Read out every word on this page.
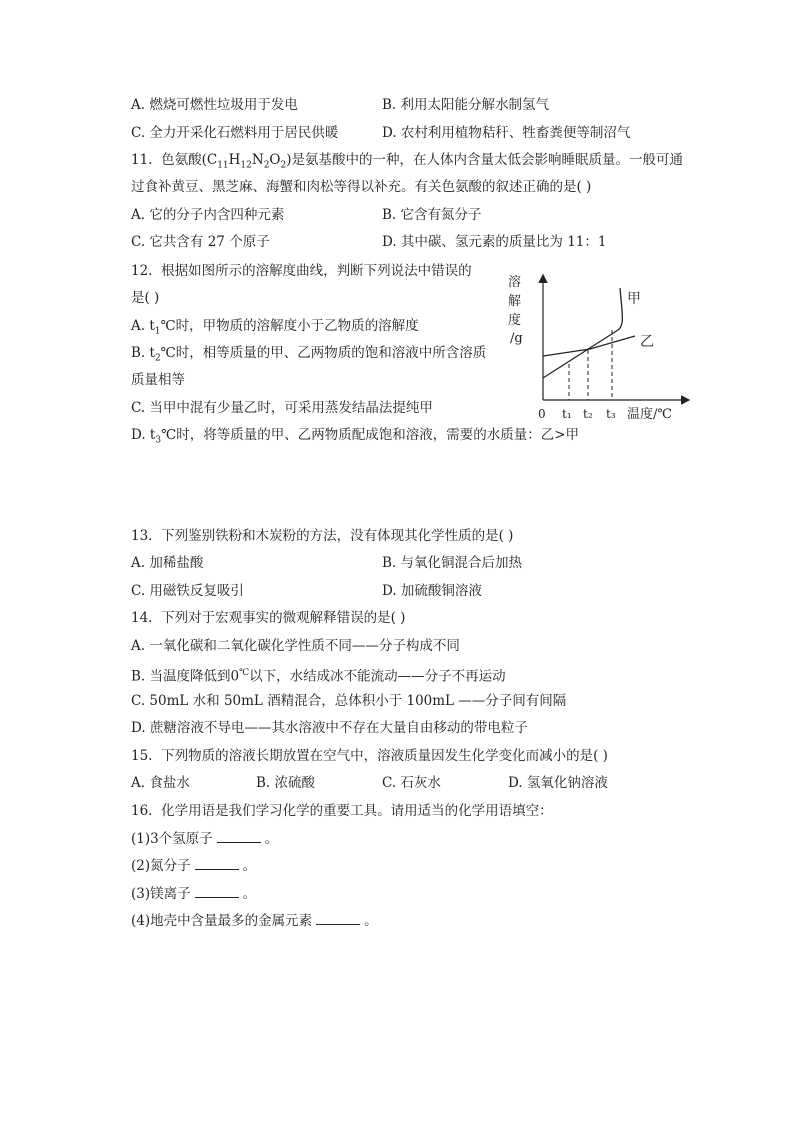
A. 燃烧可燃性垃圾用于发电	B. 利用太阳能分解水制氢气
C. 全力开采化石燃料用于居民供暖	D. 农村利用植物秸秆、牲畜粪便等制沼气
11. 色氨酸$(C_{11}H_{12}N_2O_2)$是氨基酸中的一种，在人体内含量太低会影响睡眠质量。一般可通
过食补黄豆、黑芝麻、海蟹和肉松等得以补充。有关色氨酸的叙述正确的是( )
A. 它的分子内含四种元素	B. 它含有氮分子
C. 它共含有 27 个原子	D. 其中碳、氢元素的质量比为 11：1
12. 根据如图所示的溶解度曲线，判断下列说法中错误的
是( )
A. $t_1℃$时，甲物质的溶解度小于乙物质的溶解度
B. $t_2℃$时，相等质量的甲、乙两物质的饱和溶液中所含溶质
质量相等
C. 当甲中混有少量乙时，可采用蒸发结晶法提纯甲
D. $t_3℃$时，将等质量的甲、乙两物质配成饱和溶液，需要的水质量：乙>甲
溶
解
度
/g
甲
乙
0 t₁ t₂ t₃ 温度/℃
13. 下列鉴别铁粉和木炭粉的方法，没有体现其化学性质的是( )
A. 加稀盐酸	B. 与氧化铜混合后加热
C. 用磁铁反复吸引	D. 加硫酸铜溶液
14. 下列对于宏观事实的微观解释错误的是( )
A. 一氧化碳和二氧化碳化学性质不同——分子构成不同
B. 当温度降低到0℃以下，水结成冰不能流动——分子不再运动
C. 50mL 水和 50mL 酒精混合，总体积小于 100mL ——分子间有间隔
D. 蔗糖溶液不导电——其水溶液中不存在大量自由移动的带电粒子
15. 下列物质的溶液长期放置在空气中，溶液质量因发生化学变化而减小的是( )
A. 食盐水	B. 浓硫酸	C. 石灰水	D. 氢氧化钠溶液
16. 化学用语是我们学习化学的重要工具。请用适当的化学用语填空：
(1)3个氢原子	。
(2)氮分子	。
(3)镁离子	。
(4)地壳中含量最多的金属元素	。
